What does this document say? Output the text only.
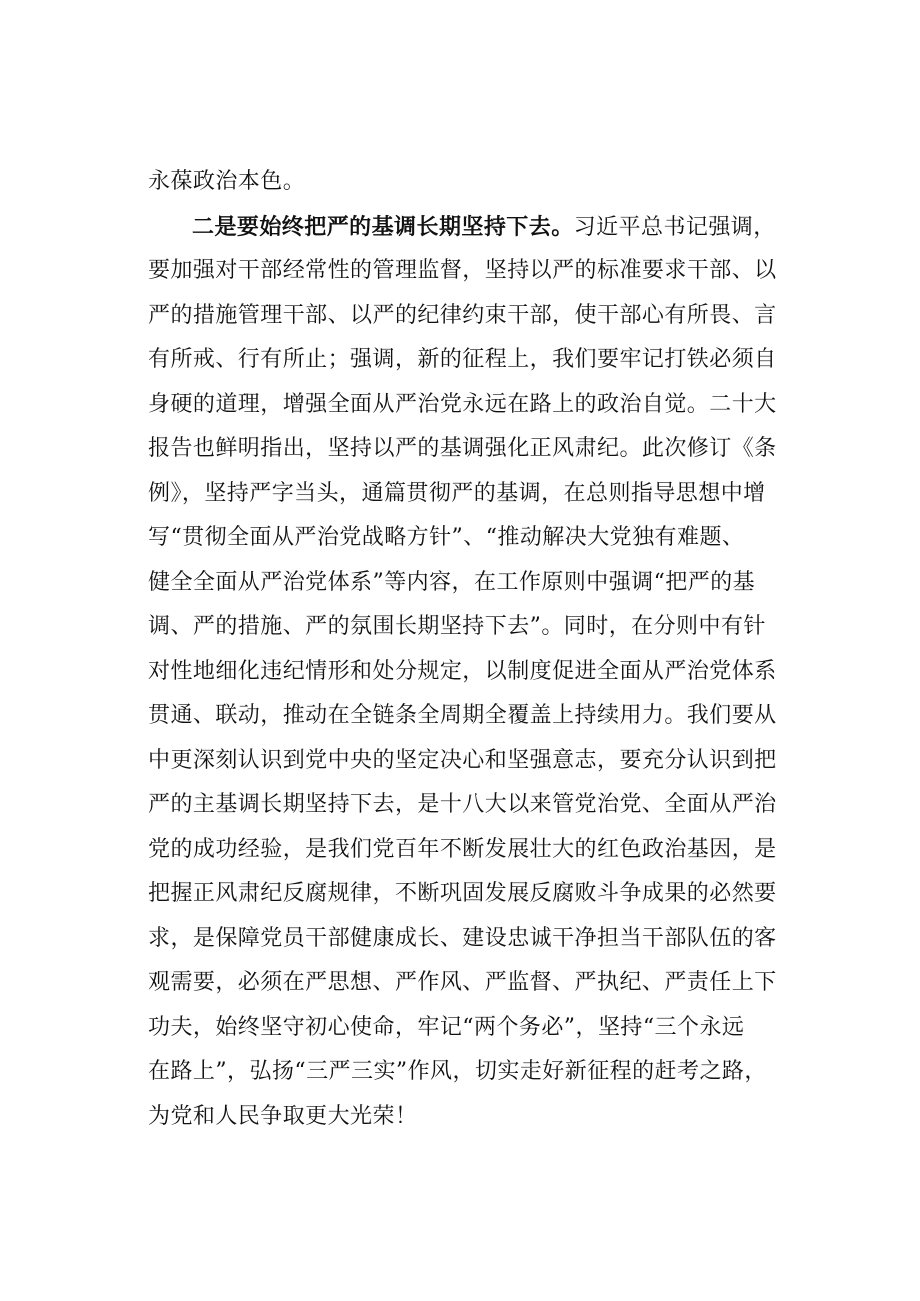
永葆政治本色。
二是要始终把严的基调长期坚持下去。习近平总书记强调，
要加强对干部经常性的管理监督，坚持以严的标准要求干部、以
严的措施管理干部、以严的纪律约束干部，使干部心有所畏、言
有所戒、行有所止；强调，新的征程上，我们要牢记打铁必须自
身硬的道理，增强全面从严治党永远在路上的政治自觉。二十大
报告也鲜明指出，坚持以严的基调强化正风肃纪。此次修订《条
例》，坚持严字当头，通篇贯彻严的基调，在总则指导思想中增
写“贯彻全面从严治党战略方针”、“推动解决大党独有难题、
健全全面从严治党体系”等内容，在工作原则中强调“把严的基
调、严的措施、严的氛围长期坚持下去”。同时，在分则中有针
对性地细化违纪情形和处分规定，以制度促进全面从严治党体系
贯通、联动，推动在全链条全周期全覆盖上持续用力。我们要从
中更深刻认识到党中央的坚定决心和坚强意志，要充分认识到把
严的主基调长期坚持下去，是十八大以来管党治党、全面从严治
党的成功经验，是我们党百年不断发展壮大的红色政治基因，是
把握正风肃纪反腐规律，不断巩固发展反腐败斗争成果的必然要
求，是保障党员干部健康成长、建设忠诚干净担当干部队伍的客
观需要，必须在严思想、严作风、严监督、严执纪、严责任上下
功夫，始终坚守初心使命，牢记“两个务必”，坚持“三个永远
在路上”，弘扬“三严三实”作风，切实走好新征程的赶考之路，
为党和人民争取更大光荣！
